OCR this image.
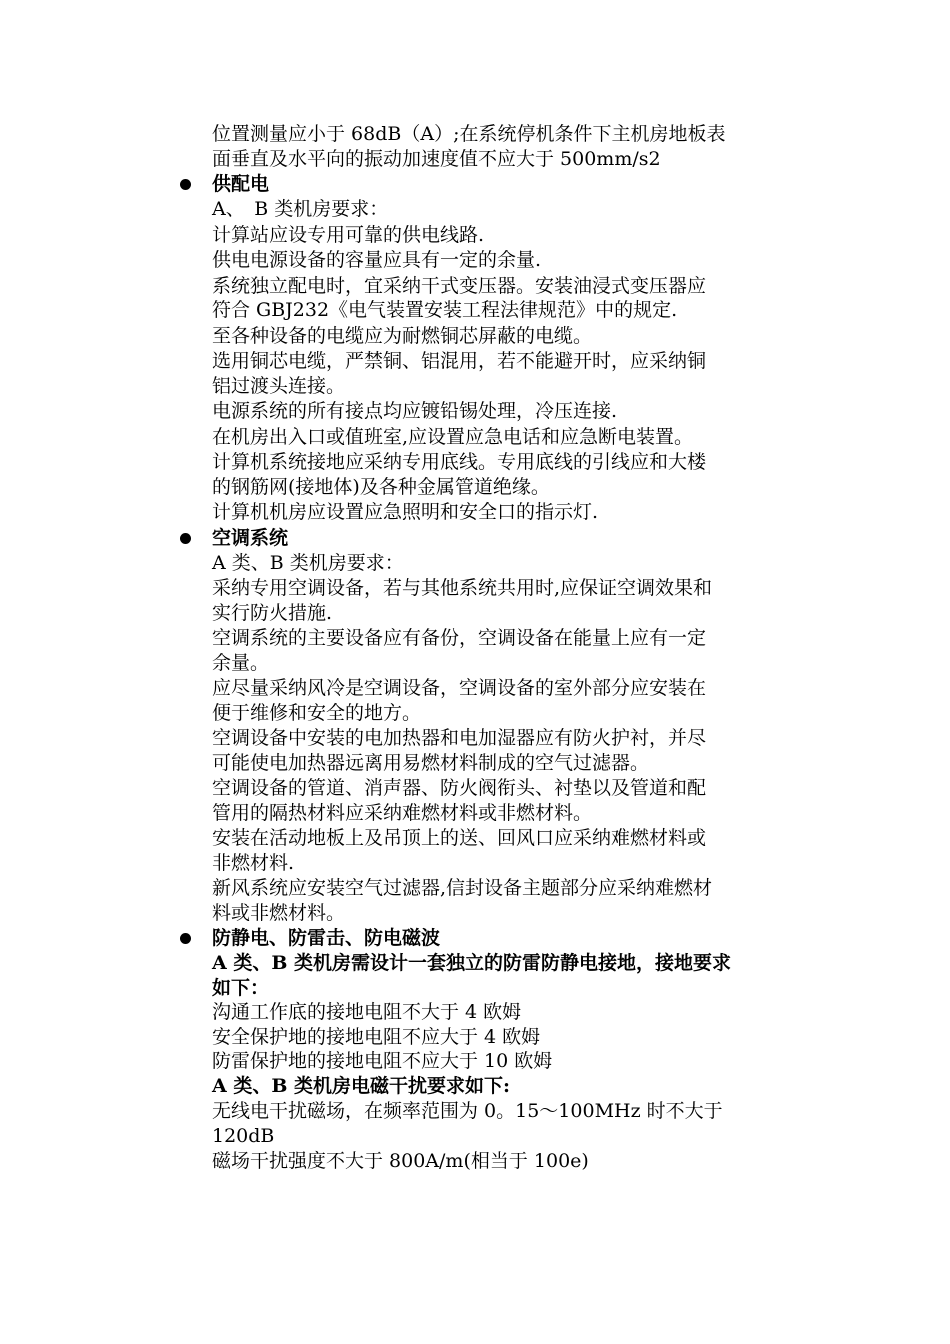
位置测量应小于 68dB（A）;在系统停机条件下主机房地板表
面垂直及水平向的振动加速度值不应大于 500mm/s2
供配电
A、　B 类机房要求：
计算站应设专用可靠的供电线路.
供电电源设备的容量应具有一定的余量.
系统独立配电时，宜采纳干式变压器。安装油浸式变压器应
符合 GBJ232《电气装置安装工程法律规范》中的规定.
至各种设备的电缆应为耐燃铜芯屏蔽的电缆。
选用铜芯电缆，严禁铜、铝混用，若不能避开时，应采纳铜
铝过渡头连接。
电源系统的所有接点均应镀铅锡处理，冷压连接.
在机房出入口或值班室,应设置应急电话和应急断电装置。
计算机系统接地应采纳专用底线。专用底线的引线应和大楼
的钢筋网(接地体)及各种金属管道绝缘。
计算机机房应设置应急照明和安全口的指示灯.
空调系统
A 类、B 类机房要求：
采纳专用空调设备，若与其他系统共用时,应保证空调效果和
实行防火措施.
空调系统的主要设备应有备份，空调设备在能量上应有一定
余量。
应尽量采纳风冷是空调设备，空调设备的室外部分应安装在
便于维修和安全的地方。
空调设备中安装的电加热器和电加湿器应有防火护衬，并尽
可能使电加热器远离用易燃材料制成的空气过滤器。
空调设备的管道、消声器、防火阀衔头、衬垫以及管道和配
管用的隔热材料应采纳难燃材料或非燃材料。
安装在活动地板上及吊顶上的送、回风口应采纳难燃材料或
非燃材料.
新风系统应安装空气过滤器,信封设备主题部分应采纳难燃材
料或非燃材料。
防静电、防雷击、防电磁波
A 类、B 类机房需设计一套独立的防雷防静电接地，接地要求
如下：
沟通工作底的接地电阻不大于 4 欧姆
安全保护地的接地电阻不应大于 4 欧姆
防雷保护地的接地电阻不应大于 10 欧姆
A 类、B 类机房电磁干扰要求如下:
无线电干扰磁场，在频率范围为 0。15～100MHz 时不大于
120dB
磁场干扰强度不大于 800A/m(相当于 100e)
